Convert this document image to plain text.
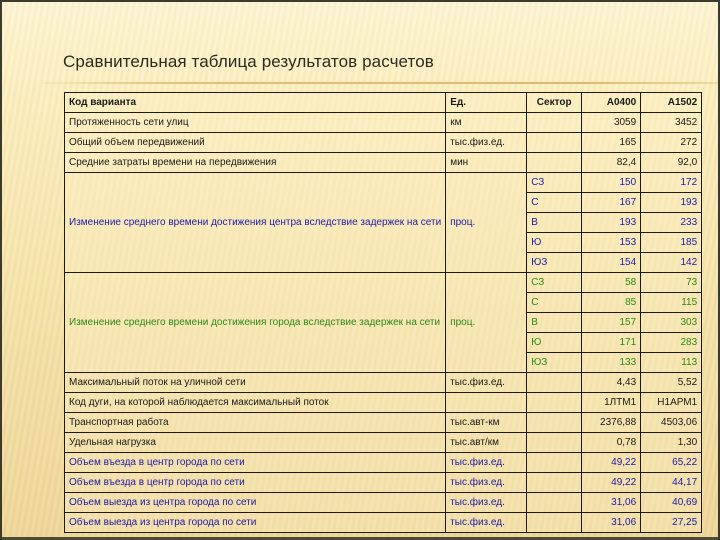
Сравнительная таблица результатов расчетов
Код варианта	Ед.	Сектор	А0400	А1502
Протяженность сети улиц	км		3059	3452
Общий объем передвижений	тыс.физ.ед.		165	272
Средние затраты времени на передвижения	мин		82,4	92,0
Изменение среднего времени достижения центра вследствие задержек на сети	проц.	СЗ	150	172
		С	167	193
		В	193	233
		Ю	153	185
		ЮЗ	154	142
Изменение среднего времени достижения города вследствие задержек на сети	проц.	СЗ	58	73
		С	85	115
		В	157	303
		Ю	171	283
		ЮЗ	133	113
Максимальный поток на уличной сети	тыс.физ.ед.		4,43	5,52
Код дуги, на которой наблюдается максимальный поток			1ЛТМ1	Н1АРМ1
Транспортная работа	тыс.авт-км		2376,88	4503,06
Удельная нагрузка	тыс.авт/км		0,78	1,30
Объем въезда в центр города по сети	тыс.физ.ед.		49,22	65,22
Объем въезда в центр города по сети	тыс.физ.ед.		49,22	44,17
Объем выезда из центра города по сети	тыс.физ.ед.		31,06	40,69
Объем выезда из центра города по сети	тыс.физ.ед.		31,06	27,25
